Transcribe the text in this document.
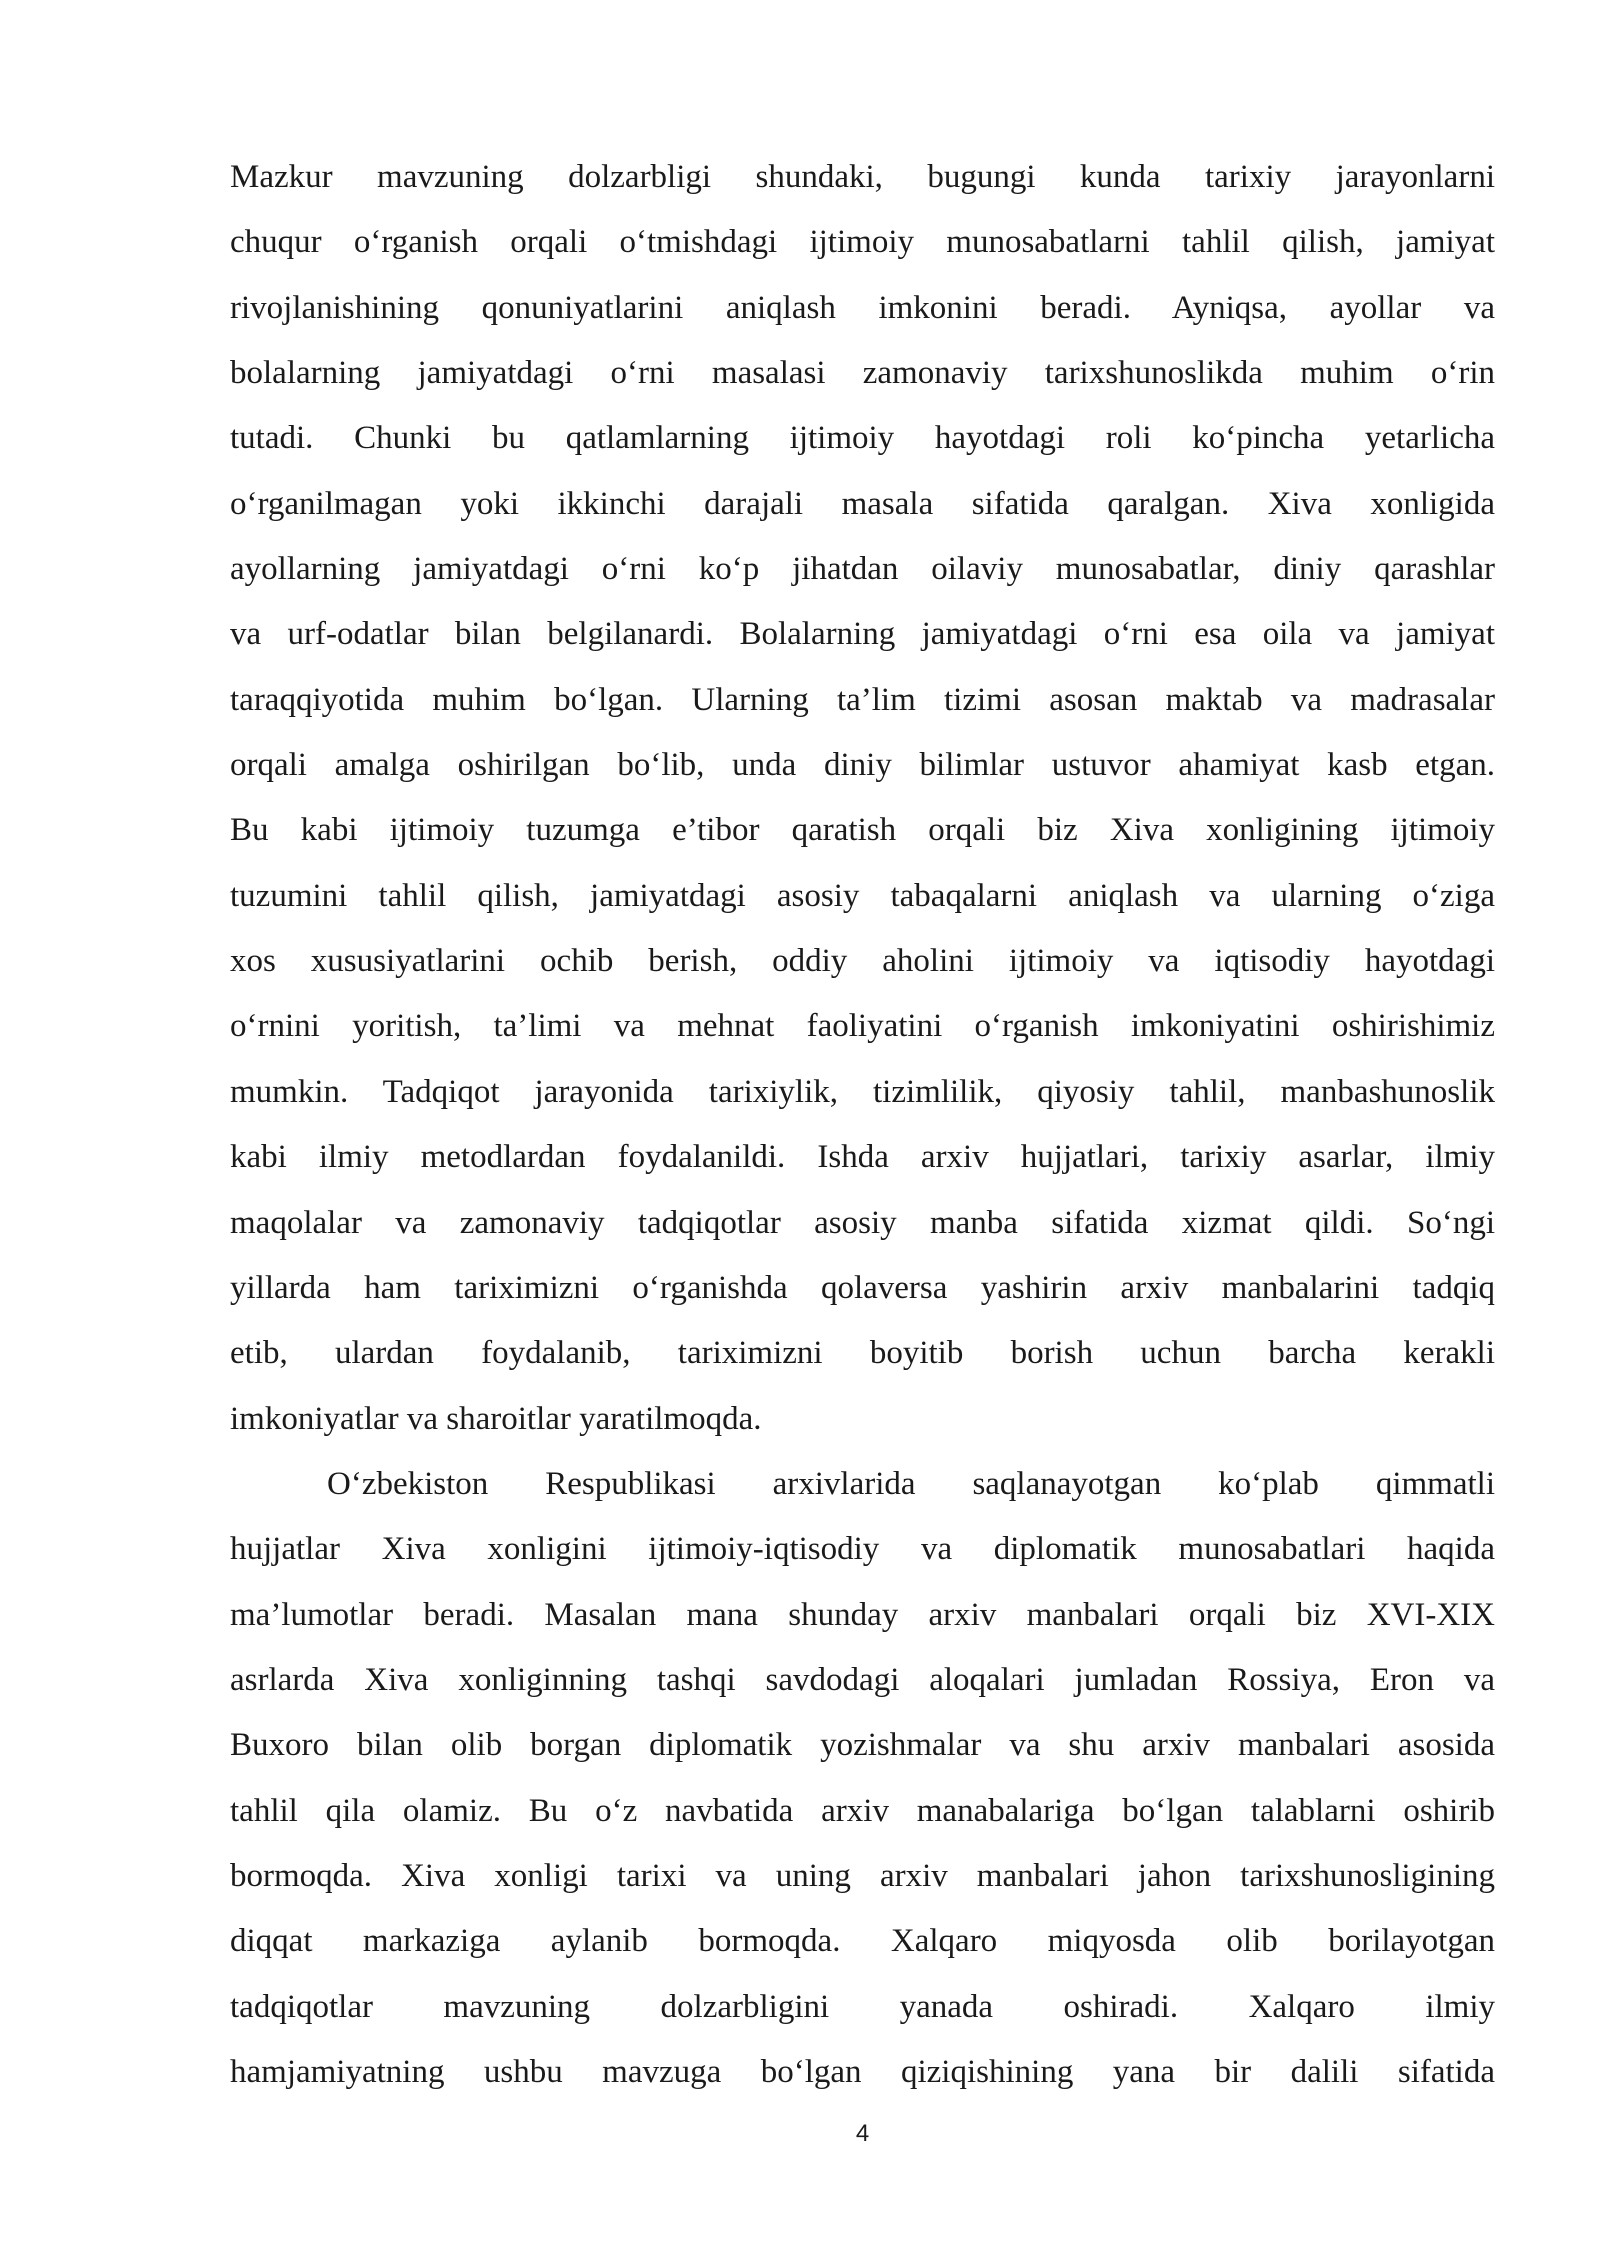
Mazkur mavzuning dolzarbligi shundaki, bugungi kunda tarixiy jarayonlarni
chuqur o‘rganish orqali o‘tmishdagi ijtimoiy munosabatlarni tahlil qilish, jamiyat
rivojlanishining qonuniyatlarini aniqlash imkonini beradi. Ayniqsa, ayollar va
bolalarning jamiyatdagi o‘rni masalasi zamonaviy tarixshunoslikda muhim o‘rin
tutadi. Chunki bu qatlamlarning ijtimoiy hayotdagi roli ko‘pincha yetarlicha
o‘rganilmagan yoki ikkinchi darajali masala sifatida qaralgan. Xiva xonligida
ayollarning jamiyatdagi o‘rni ko‘p jihatdan oilaviy munosabatlar, diniy qarashlar
va urf-odatlar bilan belgilanardi. Bolalarning jamiyatdagi o‘rni esa oila va jamiyat
taraqqiyotida muhim bo‘lgan. Ularning ta’lim tizimi asosan maktab va madrasalar
orqali amalga oshirilgan bo‘lib, unda diniy bilimlar ustuvor ahamiyat kasb etgan.
Bu kabi ijtimoiy tuzumga e’tibor qaratish orqali biz Xiva xonligining ijtimoiy
tuzumini tahlil qilish, jamiyatdagi asosiy tabaqalarni aniqlash va ularning o‘ziga
xos xususiyatlarini ochib berish, oddiy aholini ijtimoiy va iqtisodiy hayotdagi
o‘rnini yoritish, ta’limi va mehnat faoliyatini o‘rganish imkoniyatini oshirishimiz
mumkin. Tadqiqot jarayonida tarixiylik, tizimlilik, qiyosiy tahlil, manbashunoslik
kabi ilmiy metodlardan foydalanildi. Ishda arxiv hujjatlari, tarixiy asarlar, ilmiy
maqolalar va zamonaviy tadqiqotlar asosiy manba sifatida xizmat qildi. So‘ngi
yillarda ham tariximizni o‘rganishda qolaversa yashirin arxiv manbalarini tadqiq
etib, ulardan foydalanib, tariximizni boyitib borish uchun barcha kerakli
imkoniyatlar va sharoitlar yaratilmoqda.
O‘zbekiston Respublikasi arxivlarida saqlanayotgan ko‘plab qimmatli
hujjatlar Xiva xonligini ijtimoiy-iqtisodiy va diplomatik munosabatlari haqida
ma’lumotlar beradi. Masalan mana shunday arxiv manbalari orqali biz XVI-XIX
asrlarda Xiva xonliginning tashqi savdodagi aloqalari jumladan Rossiya, Eron va
Buxoro bilan olib borgan diplomatik yozishmalar va shu arxiv manbalari asosida
tahlil qila olamiz. Bu o‘z navbatida arxiv manabalariga bo‘lgan talablarni oshirib
bormoqda. Xiva xonligi tarixi va uning arxiv manbalari jahon tarixshunosligining
diqqat markaziga aylanib bormoqda. Xalqaro miqyosda olib borilayotgan
tadqiqotlar mavzuning dolzarbligini yanada oshiradi. Xalqaro ilmiy
hamjamiyatning ushbu mavzuga bo‘lgan qiziqishining yana bir dalili sifatida
4
